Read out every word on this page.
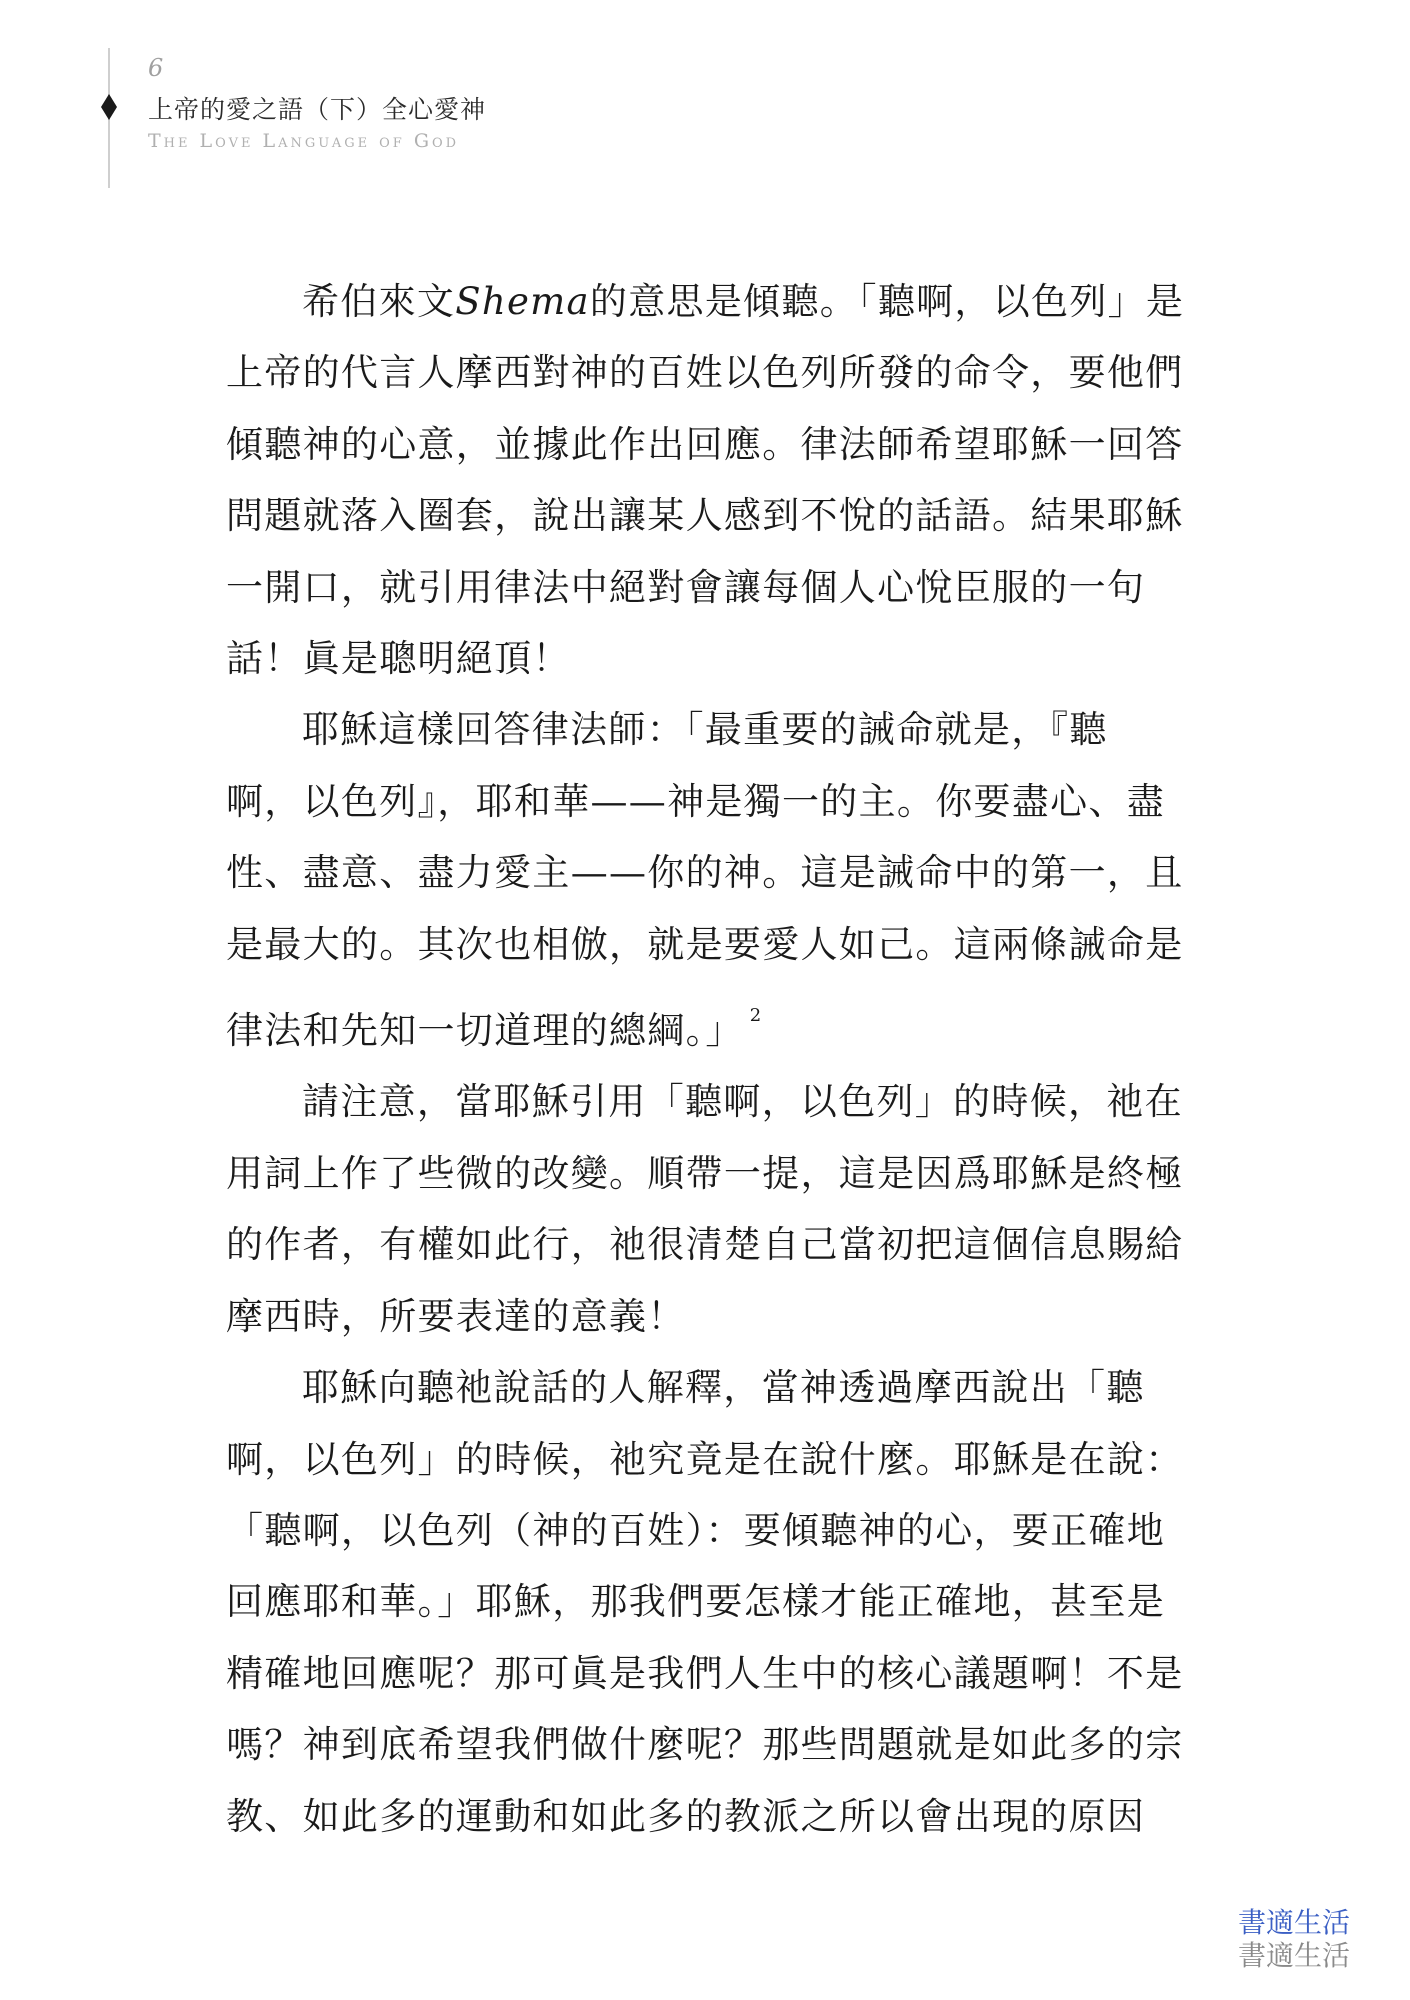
6
上帝的愛之語（下）全心愛神
The Love Language of God

希伯來文Shema的意思是傾聽。「聽啊，以色列」是
上帝的代言人摩西對神的百姓以色列所發的命令，要他們
傾聽神的心意，並據此作出回應。律法師希望耶穌一回答
問題就落入圈套，說出讓某人感到不悅的話語。結果耶穌
一開口，就引用律法中絕對會讓每個人心悅臣服的一句
話！眞是聰明絕頂！

耶穌這樣回答律法師：「最重要的誡命就是，『聽
啊，以色列』，耶和華——神是獨一的主。你要盡心、盡
性、盡意、盡力愛主——你的神。這是誡命中的第一，且
是最大的。其次也相倣，就是要愛人如己。這兩條誡命是
律法和先知一切道理的總綱。」 $^2$

請注意，當耶穌引用「聽啊，以色列」的時候，祂在
用詞上作了些微的改變。順帶一提，這是因爲耶穌是終極
的作者，有權如此行，祂很清楚自己當初把這個信息賜給
摩西時，所要表達的意義！

耶穌向聽祂說話的人解釋，當神透過摩西說出「聽
啊，以色列」的時候，祂究竟是在說什麼。耶穌是在說：
「聽啊，以色列（神的百姓）：要傾聽神的心，要正確地
回應耶和華。」耶穌，那我們要怎樣才能正確地，甚至是
精確地回應呢？那可眞是我們人生中的核心議題啊！不是
嗎？神到底希望我們做什麼呢？那些問題就是如此多的宗
教、如此多的運動和如此多的教派之所以會出現的原因

書適生活
書適生活
